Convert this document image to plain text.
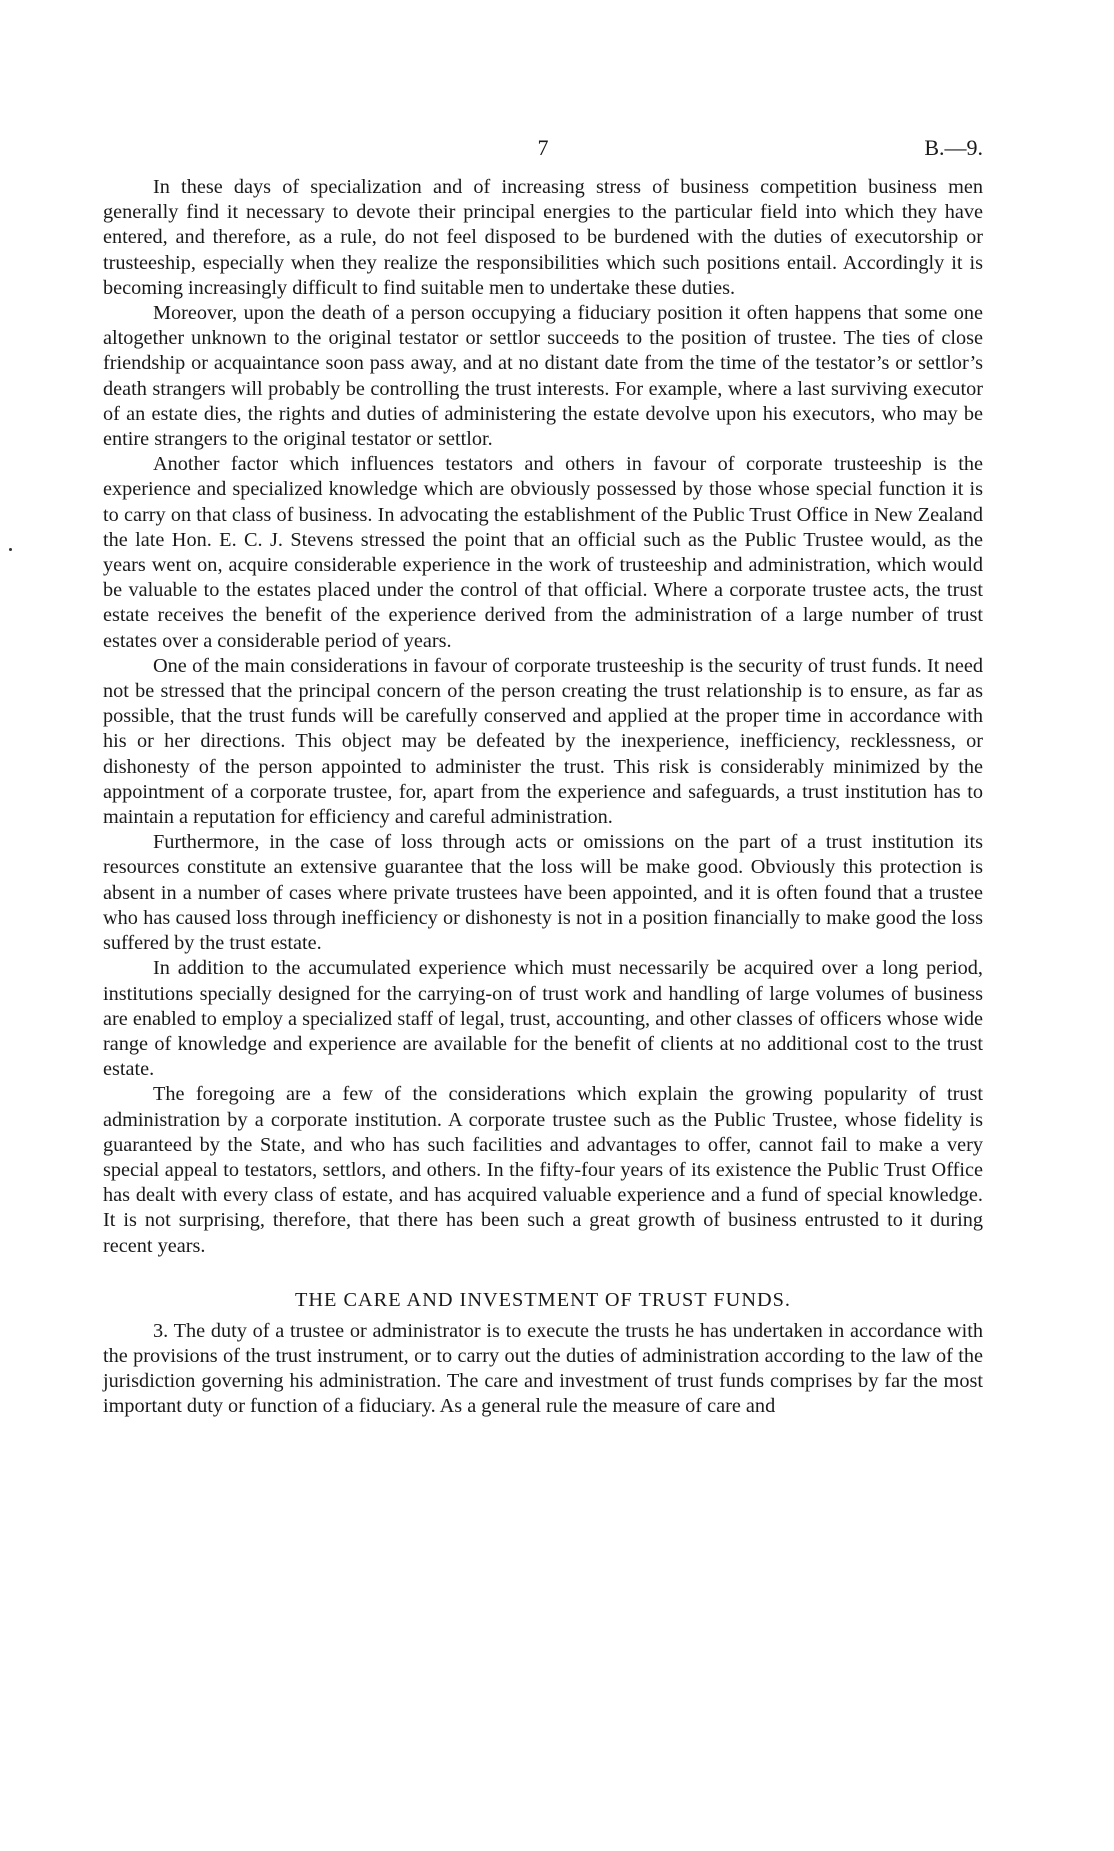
7	B.—9.

In these days of specialization and of increasing stress of business competition business men generally find it necessary to devote their principal energies to the particular field into which they have entered, and therefore, as a rule, do not feel disposed to be burdened with the duties of executorship or trusteeship, especially when they realize the responsibilities which such positions entail. Accordingly it is becoming increasingly difficult to find suitable men to undertake these duties.

Moreover, upon the death of a person occupying a fiduciary position it often happens that some one altogether unknown to the original testator or settlor succeeds to the position of trustee. The ties of close friendship or acquaintance soon pass away, and at no distant date from the time of the testator’s or settlor’s death strangers will probably be controlling the trust interests. For example, where a last surviving executor of an estate dies, the rights and duties of administering the estate devolve upon his executors, who may be entire strangers to the original testator or settlor.

Another factor which influences testators and others in favour of corporate trusteeship is the experience and specialized knowledge which are obviously possessed by those whose special function it is to carry on that class of business. In advocating the establishment of the Public Trust Office in New Zealand the late Hon. E. C. J. Stevens stressed the point that an official such as the Public Trustee would, as the years went on, acquire considerable experience in the work of trusteeship and administration, which would be valuable to the estates placed under the control of that official. Where a corporate trustee acts, the trust estate receives the benefit of the experience derived from the administration of a large number of trust estates over a considerable period of years.

One of the main considerations in favour of corporate trusteeship is the security of trust funds. It need not be stressed that the principal concern of the person creating the trust relationship is to ensure, as far as possible, that the trust funds will be carefully conserved and applied at the proper time in accordance with his or her directions. This object may be defeated by the inexperience, inefficiency, recklessness, or dishonesty of the person appointed to administer the trust. This risk is considerably minimized by the appointment of a corporate trustee, for, apart from the experience and safeguards, a trust institution has to maintain a reputation for efficiency and careful administration.

Furthermore, in the case of loss through acts or omissions on the part of a trust institution its resources constitute an extensive guarantee that the loss will be make good. Obviously this protection is absent in a number of cases where private trustees have been appointed, and it is often found that a trustee who has caused loss through inefficiency or dishonesty is not in a position financially to make good the loss suffered by the trust estate.

In addition to the accumulated experience which must necessarily be acquired over a long period, institutions specially designed for the carrying-on of trust work and handling of large volumes of business are enabled to employ a specialized staff of legal, trust, accounting, and other classes of officers whose wide range of knowledge and experience are available for the benefit of clients at no additional cost to the trust estate.

The foregoing are a few of the considerations which explain the growing popularity of trust administration by a corporate institution. A corporate trustee such as the Public Trustee, whose fidelity is guaranteed by the State, and who has such facilities and advantages to offer, cannot fail to make a very special appeal to testators, settlors, and others. In the fifty-four years of its existence the Public Trust Office has dealt with every class of estate, and has acquired valuable experience and a fund of special knowledge. It is not surprising, therefore, that there has been such a great growth of business entrusted to it during recent years.

THE CARE AND INVESTMENT OF TRUST FUNDS.

3. The duty of a trustee or administrator is to execute the trusts he has undertaken in accordance with the provisions of the trust instrument, or to carry out the duties of administration according to the law of the jurisdiction governing his administration. The care and investment of trust funds comprises by far the most important duty or function of a fiduciary. As a general rule the measure of care and
